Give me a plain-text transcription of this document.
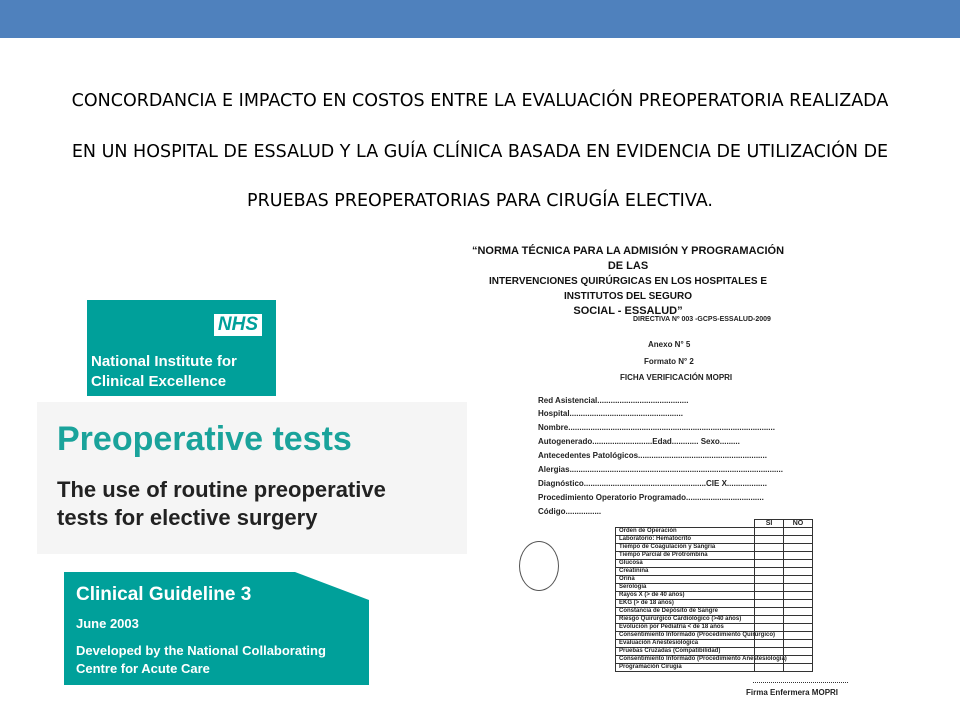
CONCORDANCIA E IMPACTO EN COSTOS ENTRE LA EVALUACIÓN PREOPERATORIA REALIZADA
EN UN HOSPITAL DE ESSALUD Y LA GUÍA CLÍNICA BASADA EN EVIDENCIA DE UTILIZACIÓN DE
PRUEBAS PREOPERATORIAS PARA CIRUGÍA ELECTIVA.
NHS
National Institute for
Clinical Excellence
Preoperative tests
The use of routine preoperative
tests for elective surgery
Clinical Guideline 3
June 2003
Developed by the National Collaborating
Centre for Acute Care
“NORMA TÉCNICA PARA LA ADMISIÓN Y PROGRAMACIÓN DE LAS
INTERVENCIONES QUIRÚRGICAS EN LOS HOSPITALES E INSTITUTOS DEL SEGURO
SOCIAL - ESSALUD”
DIRECTIVA Nº 003 -GCPS-ESSALUD-2009
Anexo N° 5
Formato N° 2
FICHA VERIFICACIÓN MOPRI
Red Asistencial.........................................
Hospital...................................................
Nombre.............................................................................................
Autogenerado...........................Edad............ Sexo.........
Antecedentes Patológicos..........................................................
Alergias................................................................................................
Diagnóstico.......................................................CIE X..................
Procedimiento Operatorio Programado...................................
Código................
	SI	NO
Orden de Operación		
Laboratorio: Hematocrito		
Tiempo de Coagulación y Sangría		
Tiempo Parcial de Protrombina		
Glucosa		
Creatinina		
Orina		
Serología		
Rayos X (> de 40 años)		
EKG (> de 18 años)		
Constancia de Depósito de Sangre		
Riesgo Quirúrgico Cardiológico (>40 años)		
Evolución por Pediatría < de 18 años		
Consentimiento Informado (Procedimiento Quirúrgico)		
Evaluación Anestesiológica		
Pruebas Cruzadas (Compatibilidad)		
Consentimiento Informado (Procedimiento Anestesiología)		
Programación Cirugía		
Firma Enfermera MOPRI
